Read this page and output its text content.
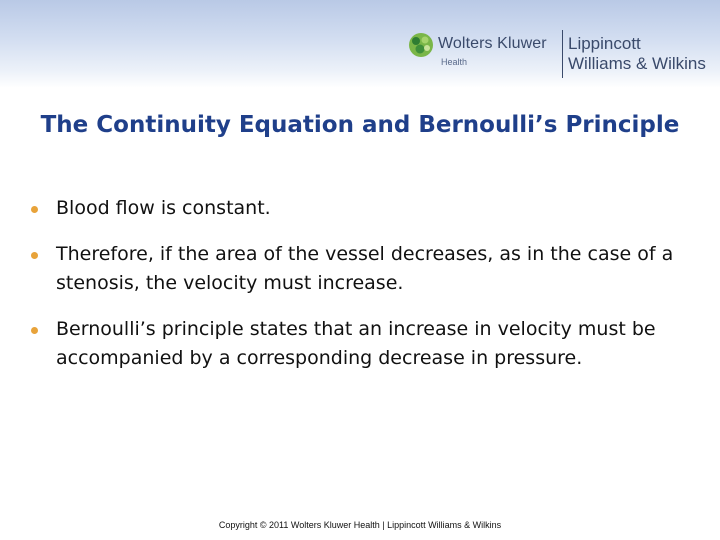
Wolters Kluwer
Health
Lippincott
Williams & Wilkins
The Continuity Equation and Bernoulli’s Principle
Blood flow is constant.
Therefore, if the area of the vessel decreases, as in the case of a stenosis, the velocity must increase.
Bernoulli’s principle states that an increase in velocity must be accompanied by a corresponding decrease in pressure.
Copyright © 2011 Wolters Kluwer Health | Lippincott Williams & Wilkins
